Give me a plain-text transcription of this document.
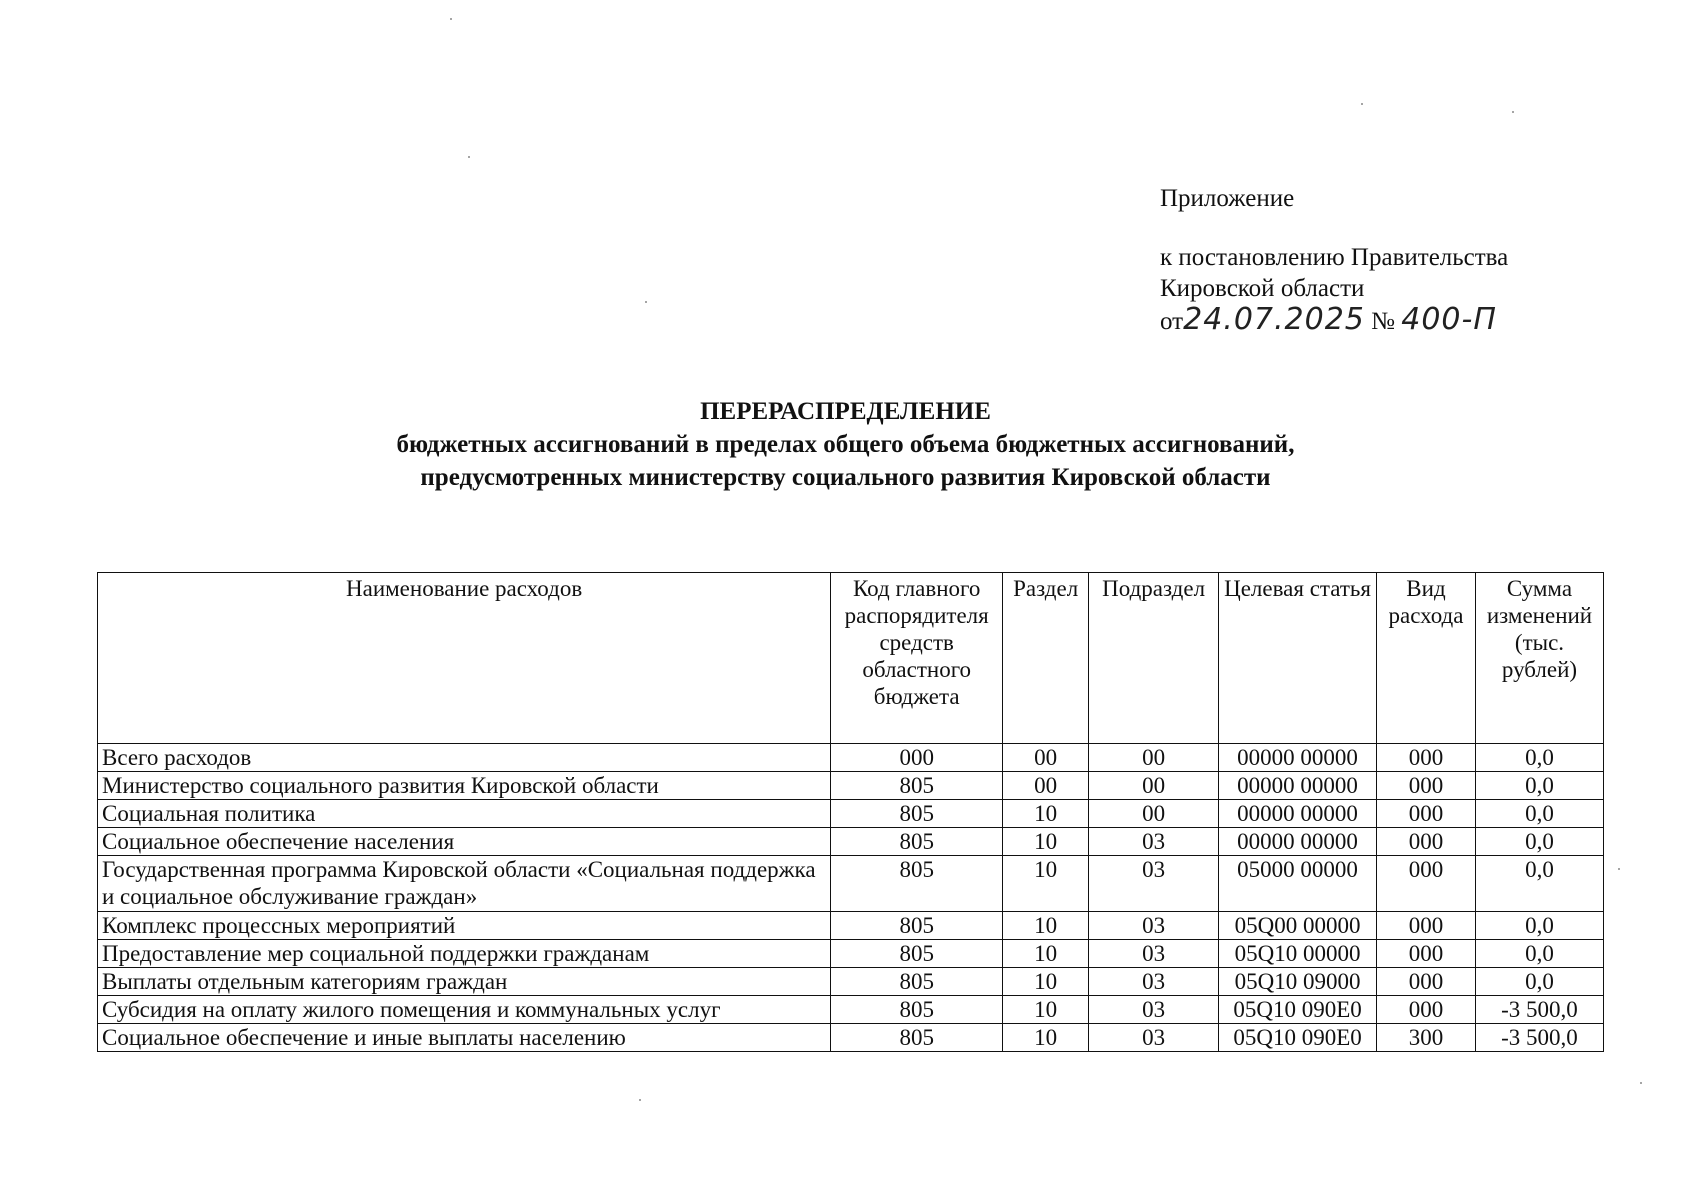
Приложение
к постановлению Правительства
Кировской области
от24.07.2025 № 400-П
ПЕРЕРАСПРЕДЕЛЕНИЕ
бюджетных ассигнований в пределах общего объема бюджетных ассигнований,
предусмотренных министерству социального развития Кировской области
Наименование расходов	Код главного распорядителя средств областного бюджета	Раздел	Подраздел	Целевая статья	Вид расхода	Сумма изменений (тыс. рублей)
Всего расходов	000	00	00	00000 00000	000	0,0
Министерство социального развития Кировской области	805	00	00	00000 00000	000	0,0
Социальная политика	805	10	00	00000 00000	000	0,0
Социальное обеспечение населения	805	10	03	00000 00000	000	0,0
Государственная программа Кировской области «Социальная поддержка и социальное обслуживание граждан»	805	10	03	05000 00000	000	0,0
Комплекс процессных мероприятий	805	10	03	05Q00 00000	000	0,0
Предоставление мер социальной поддержки гражданам	805	10	03	05Q10 00000	000	0,0
Выплаты отдельным категориям граждан	805	10	03	05Q10 09000	000	0,0
Субсидия на оплату жилого помещения и коммунальных услуг	805	10	03	05Q10 090E0	000	-3 500,0
Социальное обеспечение и иные выплаты населению	805	10	03	05Q10 090E0	300	-3 500,0
